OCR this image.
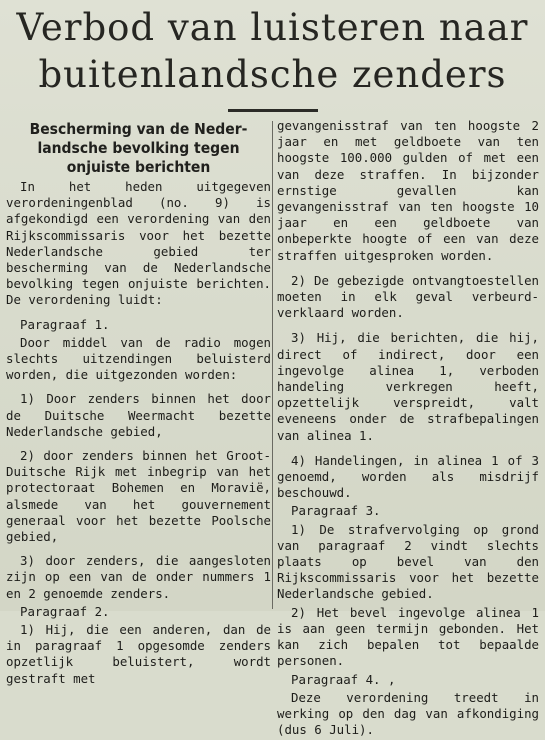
Verbod van luisteren naar
buitenlandsche zenders
Bescherming van de Neder-
landsche bevolking tegen
onjuiste berichten

In het heden uitgegeven verordeningenblad (no. 9) is afgekondigd een verordening van den Rijkscommissaris voor het bezette Nederlandsche gebied ter bescherming van de Nederlandsche bevolking tegen onjuiste berichten. De verordening luidt:

Paragraaf 1.

Door middel van de radio mogen slechts uitzendingen beluisterd worden, die uitgezonden worden:

1) Door zenders binnen het door de Duitsche Weermacht bezette Nederlandsche gebied,

2) door zenders binnen het Groot-Duitsche Rijk met inbegrip van het protectoraat Bohemen en Moravië, alsmede van het gouvernement generaal voor het bezette Poolsche gebied,

3) door zenders, die aangesloten zijn op een van de onder nummers 1 en 2 genoemde zenders.

Paragraaf 2.

1) Hij, die een anderen, dan de in paragraaf 1 opgesomde zenders opzetlijk beluistert, wordt gestraft met

gevangenisstraf van ten hoogste 2 jaar en met geldboete van ten hoogste 100.000 gulden of met een van deze straffen. In bijzonder ernstige gevallen kan gevangenisstraf van ten hoogste 10 jaar en een geldboete van onbeperkte hoogte of een van deze straffen uitgesproken worden.

2) De gebezigde ontvangtoestellen moeten in elk geval verbeurd-verklaard worden.

3) Hij, die berichten, die hij, direct of indirect, door een ingevolge alinea 1, verboden handeling verkregen heeft, opzettelijk verspreidt, valt eveneens onder de strafbepalingen van alinea 1.

4) Handelingen, in alinea 1 of 3 genoemd, worden als misdrijf beschouwd.

Paragraaf 3.

1) De strafvervolging op grond van paragraaf 2 vindt slechts plaats op bevel van den Rijkscommissaris voor het bezette Nederlandsche gebied.

2) Het bevel ingevolge alinea 1 is aan geen termijn gebonden. Het kan zich bepalen tot bepaalde personen.

Paragraaf 4. ,

Deze verordening treedt in werking op den dag van afkondiging (dus 6 Juli).
